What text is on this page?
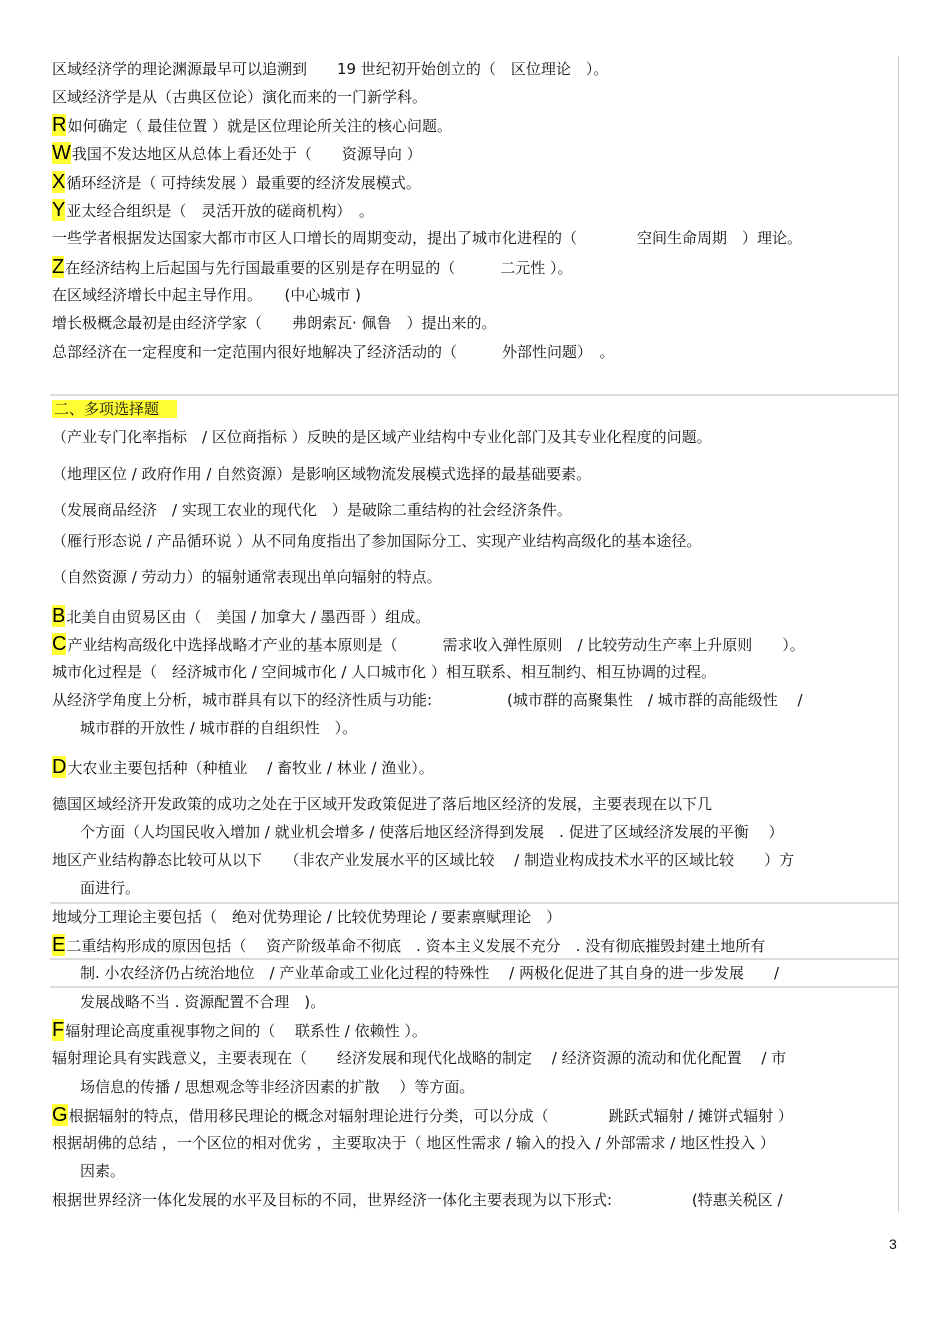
区域经济学的理论渊源最早可以追溯到　　19 世纪初开始创立的（　区位理论　）。
区域经济学是从（古典区位论）演化而来的一门新学科。
R如何确定（ 最佳位置 ）就是区位理论所关注的核心问题。
W我国不发达地区从总体上看还处于（　　资源导向 ）
X循环经济是（ 可持续发展 ）最重要的经济发展模式。
Y亚太经合组织是（　灵活开放的磋商机构）　。
一些学者根据发达国家大都市市区人口增长的周期变动，提出了城市化进程的（　　　　空间生命周期　）理论。
Z在经济结构上后起国与先行国最重要的区别是存在明显的（　　　二元性 ）。
在区域经济增长中起主导作用。　　(中心城市 )
增长极概念最初是由经济学家（　　弗朗索瓦· 佩鲁　）提出来的。
总部经济在一定程度和一定范围内很好地解决了经济活动的（　　　外部性问题）　。
二、多项选择题
（产业专门化率指标　/ 区位商指标 ）反映的是区域产业结构中专业化部门及其专业化程度的问题。
（地理区位 / 政府作用 / 自然资源）是影响区域物流发展模式选择的最基础要素。
（发展商品经济　/ 实现工农业的现代化　）是破除二重结构的社会经济条件。
（雁行形态说 / 产品循环说 ）从不同角度指出了参加国际分工、实现产业结构高级化的基本途径。
（自然资源 / 劳动力）的辐射通常表现出单向辐射的特点。
B北美自由贸易区由（　美国 / 加拿大 / 墨西哥 ）组成。
C产业结构高级化中选择战略才产业的基本原则是（　　　需求收入弹性原则　/ 比较劳动生产率上升原则　　）。
城市化过程是（　经济城市化 / 空间城市化 / 人口城市化 ）相互联系、相互制约、相互协调的过程。
从经济学角度上分析，城市群具有以下的经济性质与功能:　　　　　(城市群的高聚集性　/ 城市群的高能级性　 /
城市群的开放性 / 城市群的自组织性　）。
D大农业主要包括种（种植业　 / 畜牧业 / 林业 / 渔业）。
德国区域经济开发政策的成功之处在于区域开发政策促进了落后地区经济的发展，主要表现在以下几
个方面（人均国民收入增加 / 就业机会增多 / 使落后地区经济得到发展　. 促进了区域经济发展的平衡　 ）
地区产业结构静态比较可从以下　　（非农产业发展水平的区域比较　 / 制造业构成技术水平的区域比较　　）方
面进行。
地域分工理论主要包括（　绝对优势理论 / 比较优势理论 / 要素禀赋理论　）
E二重结构形成的原因包括（　 资产阶级革命不彻底　. 资本主义发展不充分　. 没有彻底摧毁封建土地所有
制. 小农经济仍占统治地位　/ 产业革命或工业化过程的特殊性　 / 两极化促进了其自身的进一步发展　　/
发展战略不当 . 资源配置不合理　)。
F辐射理论高度重视事物之间的（　 联系性 / 依赖性 ）。
辐射理论具有实践意义，主要表现在（　　经济发展和现代化战略的制定　 / 经济资源的流动和优化配置　 / 市
场信息的传播 / 思想观念等非经济因素的扩散　 ）等方面。
G根据辐射的特点，借用移民理论的概念对辐射理论进行分类，可以分成（　　　　跳跃式辐射 / 摊饼式辐射 ）
根据胡佛的总结 ，一个区位的相对优劣 ，主要取决于（ 地区性需求 / 输入的投入 / 外部需求 / 地区性投入 ）
因素。
根据世界经济一体化发展的水平及目标的不同，世界经济一体化主要表现为以下形式:　　　　　 (特惠关税区 /
3
